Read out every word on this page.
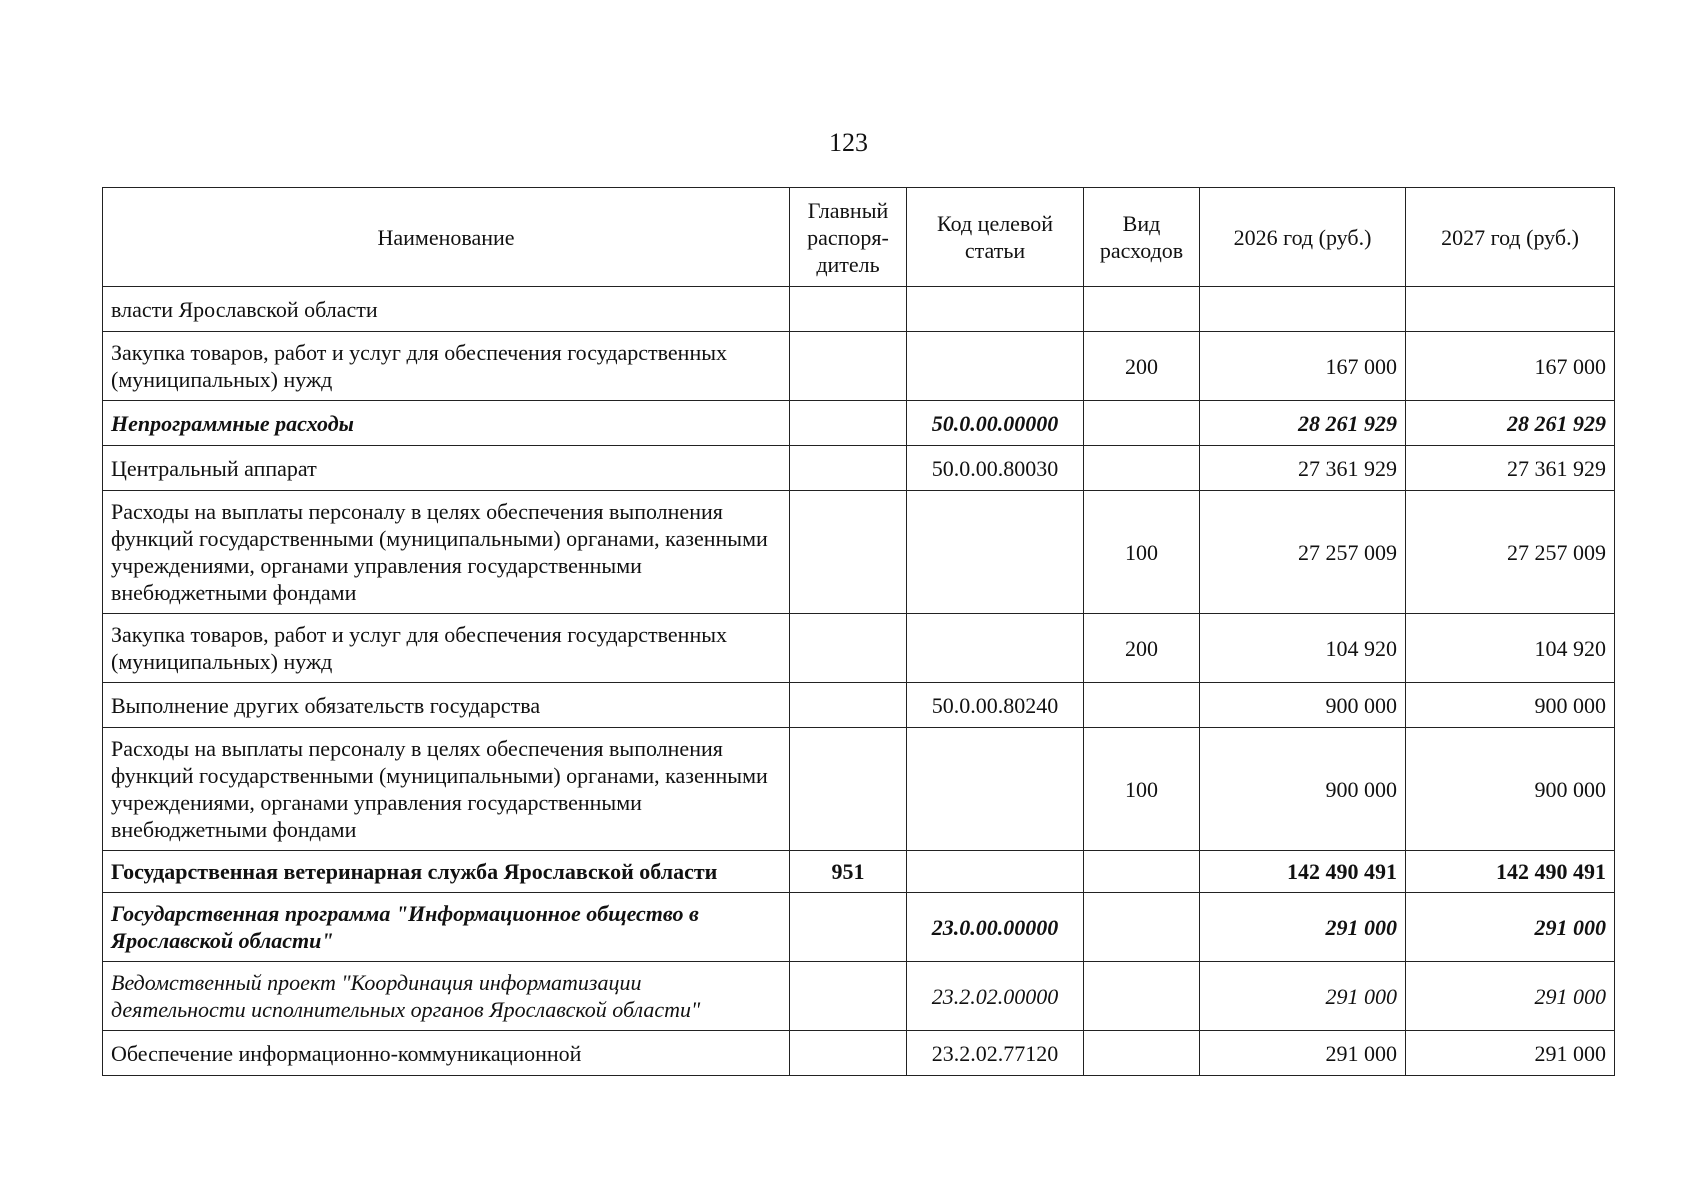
123
Наименование	Главный распоря-дитель	Код целевой статьи	Вид расходов	2026 год (руб.)	2027 год (руб.)
власти Ярославской области					
Закупка товаров, работ и услуг для обеспечения государственных (муниципальных) нужд			200	167 000	167 000
Непрограммные расходы		50.0.00.00000		28 261 929	28 261 929
Центральный аппарат		50.0.00.80030		27 361 929	27 361 929
Расходы на выплаты персоналу в целях обеспечения выполнения функций государственными (муниципальными) органами, казенными учреждениями, органами управления государственными внебюджетными фондами			100	27 257 009	27 257 009
Закупка товаров, работ и услуг для обеспечения государственных (муниципальных) нужд			200	104 920	104 920
Выполнение других обязательств государства		50.0.00.80240		900 000	900 000
Расходы на выплаты персоналу в целях обеспечения выполнения функций государственными (муниципальными) органами, казенными учреждениями, органами управления государственными внебюджетными фондами			100	900 000	900 000
Государственная ветеринарная служба Ярославской области	951			142 490 491	142 490 491
Государственная программа "Информационное общество в Ярославской области"		23.0.00.00000		291 000	291 000
Ведомственный проект "Координация информатизации деятельности исполнительных органов Ярославской области"		23.2.02.00000		291 000	291 000
Обеспечение информационно-коммуникационной		23.2.02.77120		291 000	291 000
